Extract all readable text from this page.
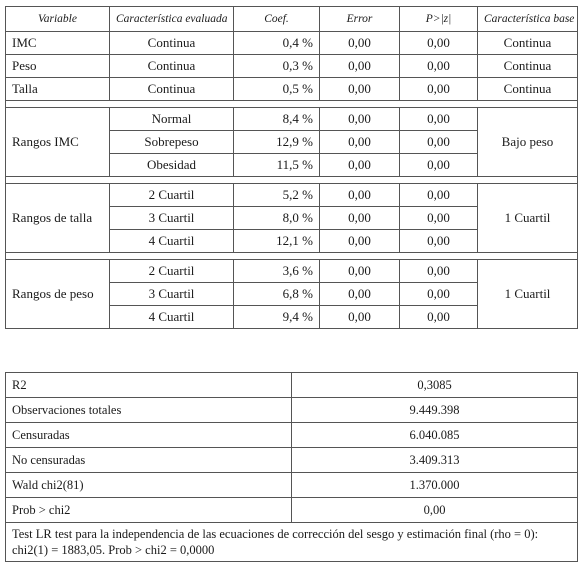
Variable	Característica evaluada	Coef.	Error	P>|z|	Característica base
IMC	Continua	0,4 %	0,00	0,00	Continua
Peso	Continua	0,3 %	0,00	0,00	Continua
Talla	Continua	0,5 %	0,00	0,00	Continua

Rangos IMC	Normal	8,4 %	0,00	0,00	Bajo peso
	Sobrepeso	12,9 %	0,00	0,00	
	Obesidad	11,5 %	0,00	0,00	

Rangos de talla	2 Cuartil	5,2 %	0,00	0,00	1 Cuartil
	3 Cuartil	8,0 %	0,00	0,00	
	4 Cuartil	12,1 %	0,00	0,00	

Rangos de peso	2 Cuartil	3,6 %	0,00	0,00	1 Cuartil
	3 Cuartil	6,8 %	0,00	0,00	
	4 Cuartil	9,4 %	0,00	0,00	
R2	0,3085
Observaciones totales	9.449.398
Censuradas	6.040.085
No censuradas	3.409.313
Wald chi2(81)	1.370.000
Prob > chi2	0,00
Test LR test para la independencia de las ecuaciones de corrección del sesgo y estimación final (rho = 0): chi2(1) = 1883,05. Prob > chi2 = 0,0000	
